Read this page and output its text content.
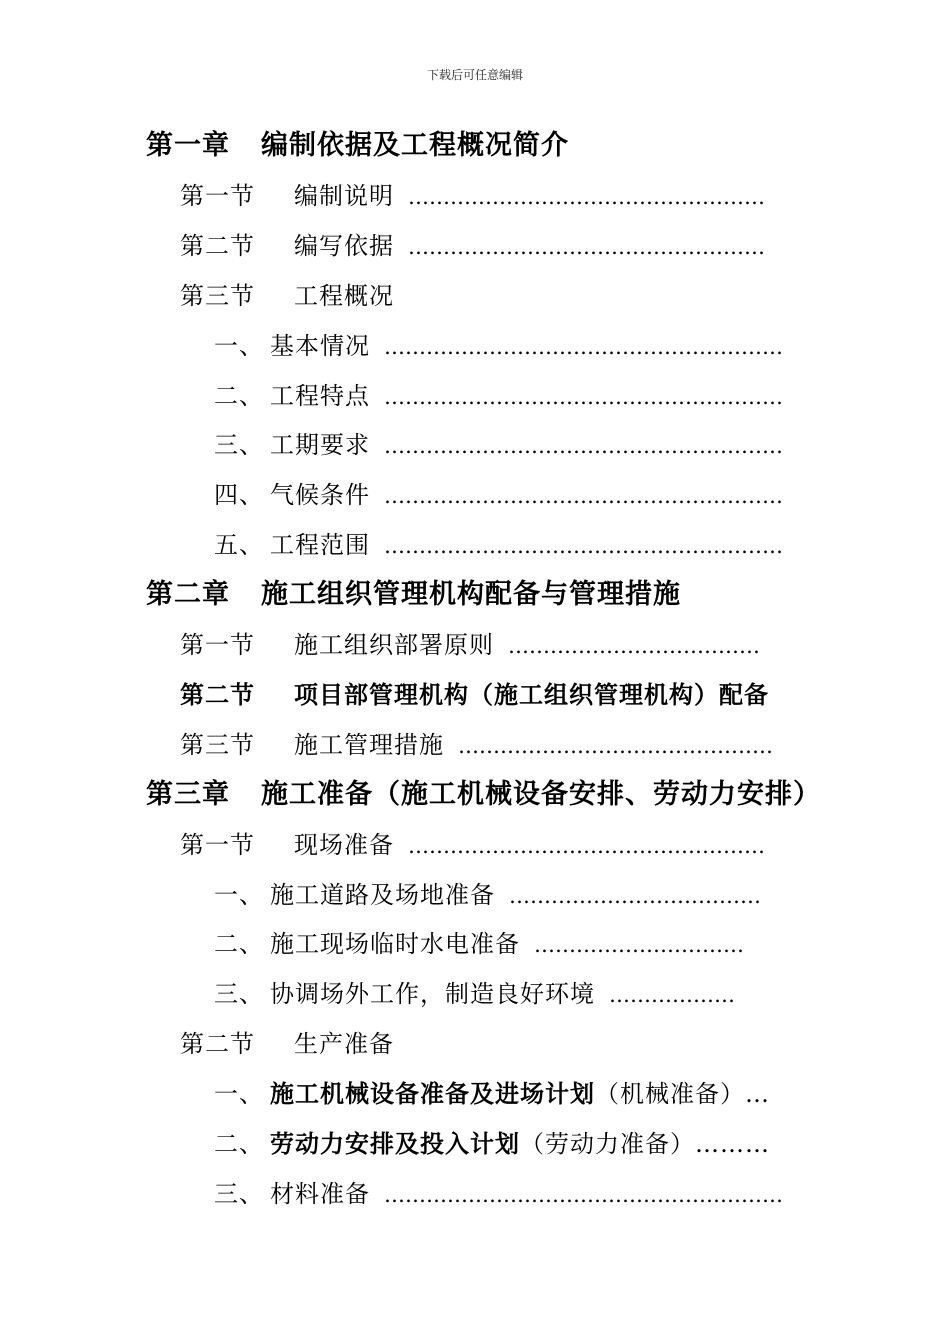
下载后可任意编辑
第一章 编制依据及工程概况简介
第一节 编制说明 ……………………………………………
第二节 编写依据 ……………………………………………
第三节 工程概况
一、 基本情况 …………………………………………………
二、 工程特点 …………………………………………………
三、 工期要求 …………………………………………………
四、 气候条件 …………………………………………………
五、 工程范围 …………………………………………………
第二章 施工组织管理机构配备与管理措施
第一节 施工组织部署原则 ………………………………
第二节 项目部管理机构（施工组织管理机构）配备
第三节 施工管理措施 ………………………………………
第三章 施工准备（施工机械设备安排、劳动力安排）
第一节 现场准备 ……………………………………………
一、 施工道路及场地准备 ………………………………
二、 施工现场临时水电准备 …………………………
三、 协调场外工作，制造良好环境 ………………
第二节 生产准备
一、 施工机械设备准备及进场计划（机械准备）…
二、 劳动力安排及投入计划（劳动力准备）………
三、 材料准备 …………………………………………………
